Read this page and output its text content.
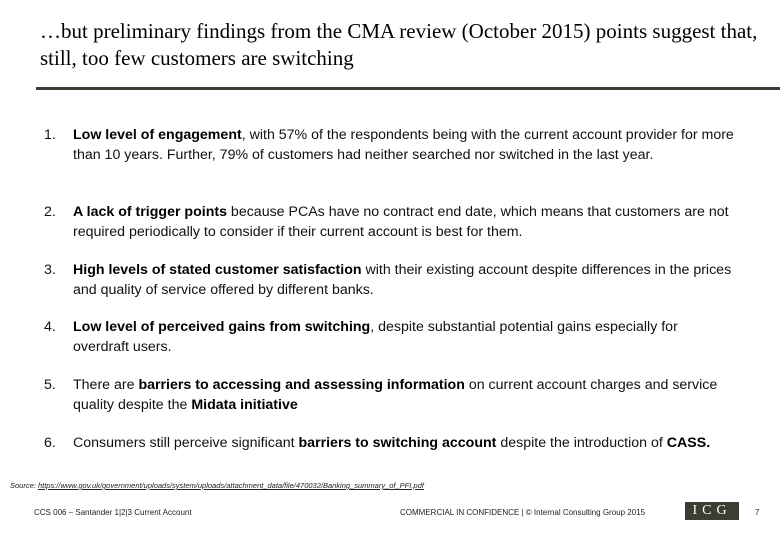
…but preliminary findings from the CMA review (October 2015) points suggest that, still, too few customers are switching
1. Low level of engagement, with 57% of the respondents being with the current account provider for more than 10 years. Further, 79% of customers had neither searched nor switched in the last year.
2. A lack of trigger points because PCAs have no contract end date, which means that customers are not required periodically to consider if their current account is best for them.
3. High levels of stated customer satisfaction with their existing account despite differences in the prices and quality of service offered by different banks.
4. Low level of perceived gains from switching, despite substantial potential gains especially for overdraft users.
5. There are barriers to accessing and assessing information on current account charges and service quality despite the Midata initiative
6. Consumers still perceive significant barriers to switching account despite the introduction of CASS.
Source: https://www.gov.uk/government/uploads/system/uploads/attachment_data/file/470032/Banking_summary_of_PFI.pdf
CCS 006 – Santander 1|2|3 Current Account	COMMERCIAL IN CONFIDENCE | © Internal Consulting Group 2015	ICG	7
